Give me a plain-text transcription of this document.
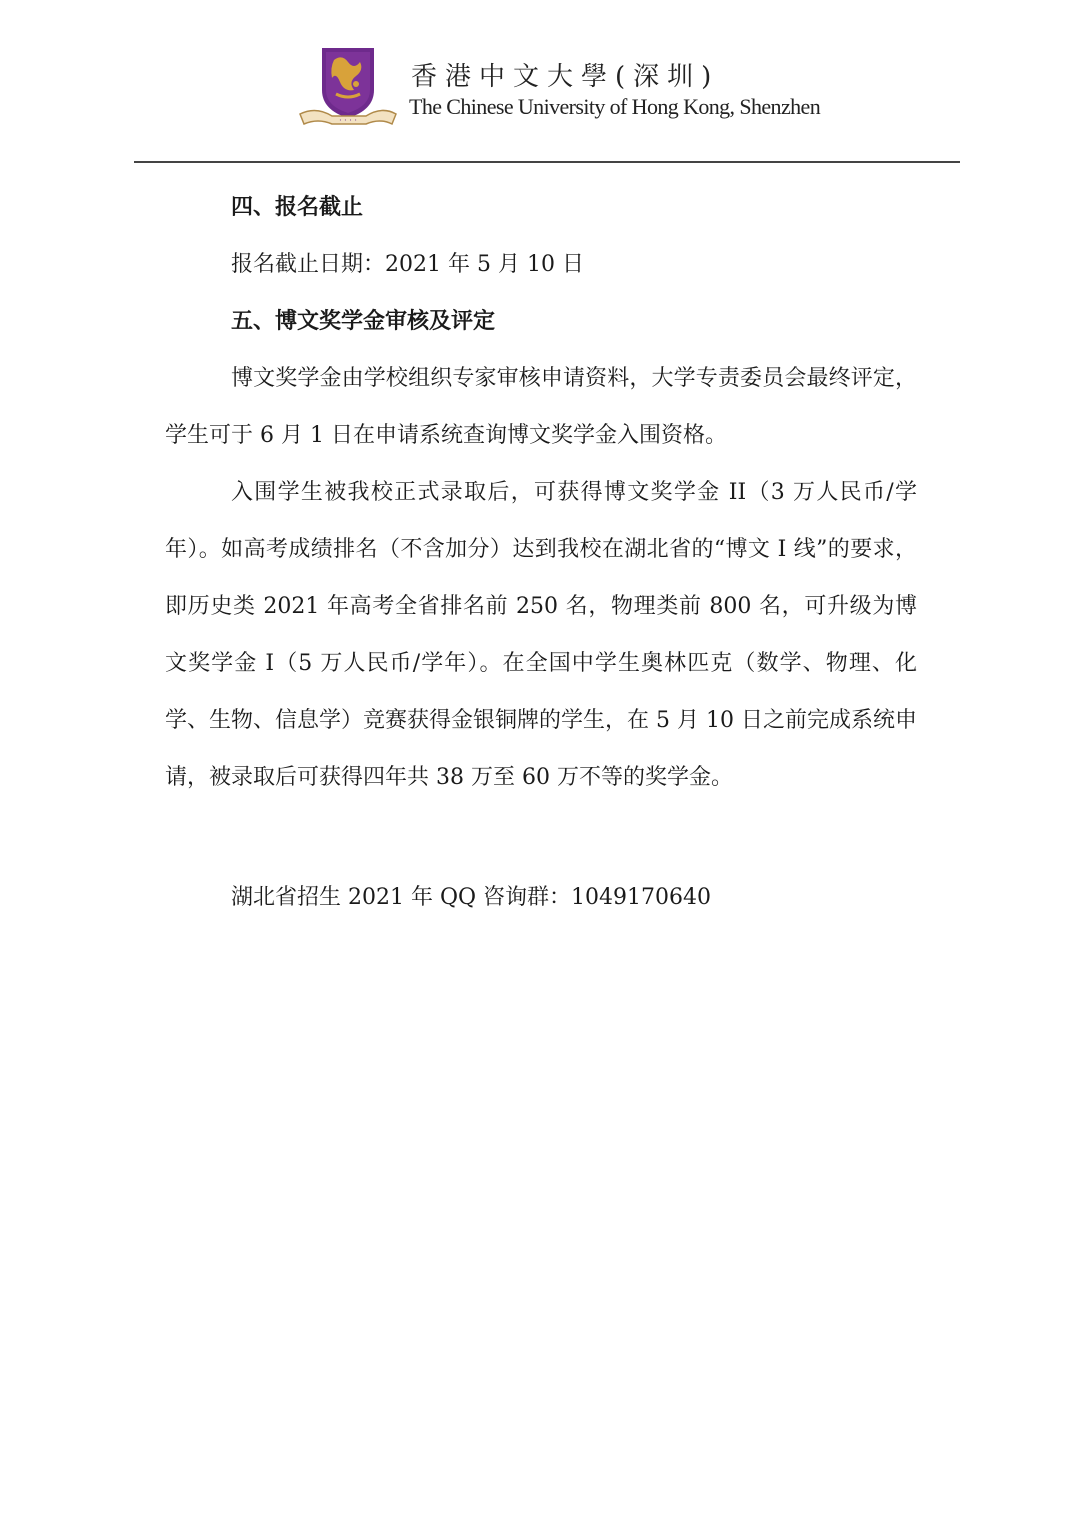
· · · ·
香港中文大學(深圳)
The Chinese University of Hong Kong, Shenzhen

四、报名截止

报名截止日期：2021 年 5 月 10 日

五、博文奖学金审核及评定

博文奖学金由学校组织专家审核申请资料，大学专责委员会最终评定，学生可于 6 月 1 日在申请系统查询博文奖学金入围资格。

入围学生被我校正式录取后，可获得博文奖学金 II（3 万人民币/学年）。如高考成绩排名（不含加分）达到我校在湖北省的“博文 I 线”的要求，即历史类 2021 年高考全省排名前 250 名，物理类前 800 名，可升级为博文奖学金 I（5 万人民币/学年）。在全国中学生奥林匹克（数学、物理、化学、生物、信息学）竞赛获得金银铜牌的学生，在 5 月 10 日之前完成系统申请，被录取后可获得四年共 38 万至 60 万不等的奖学金。

湖北省招生 2021 年 QQ 咨询群：1049170640
